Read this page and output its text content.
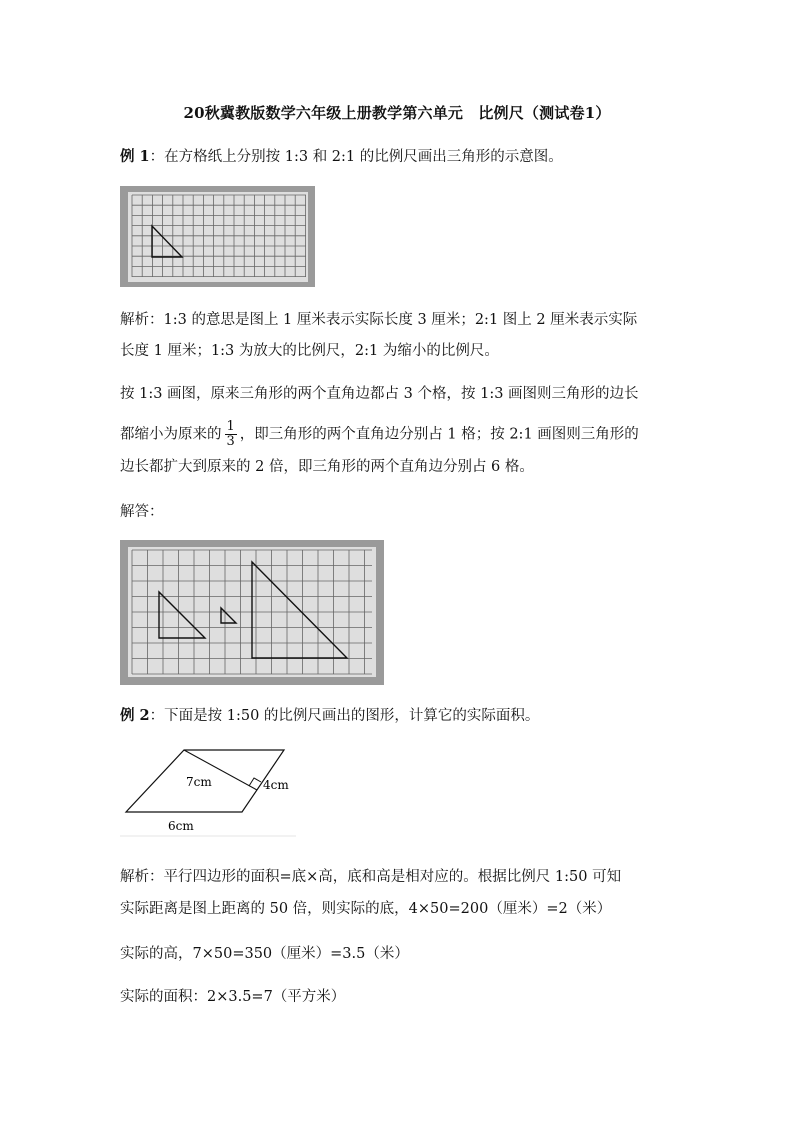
20秋冀教版数学六年级上册教学第六单元　比例尺（测试卷1）
例 1：在方格纸上分别按 1:3 和 2:1 的比例尺画出三角形的示意图。
解析：1:3 的意思是图上 1 厘米表示实际长度 3 厘米；2:1 图上 2 厘米表示实际
长度 1 厘米；1:3 为放大的比例尺，2:1 为缩小的比例尺。
按 1:3 画图，原来三角形的两个直角边都占 3 个格，按 1:3 画图则三角形的边长
都缩小为原来的 $\frac{1}{3}$ ，即三角形的两个直角边分别占 1 格；按 2:1 画图则三角形的
边长都扩大到原来的 2 倍，即三角形的两个直角边分别占 6 格。
解答：
例 2：下面是按 1:50 的比例尺画出的图形，计算它的实际面积。
7cm	4cm
6cm
解析：平行四边形的面积=底×高，底和高是相对应的。根据比例尺 1:50 可知
实际距离是图上距离的 50 倍，则实际的底，4×50=200（厘米）=2（米）
实际的高，7×50=350（厘米）=3.5（米）
实际的面积：2×3.5=7（平方米）
